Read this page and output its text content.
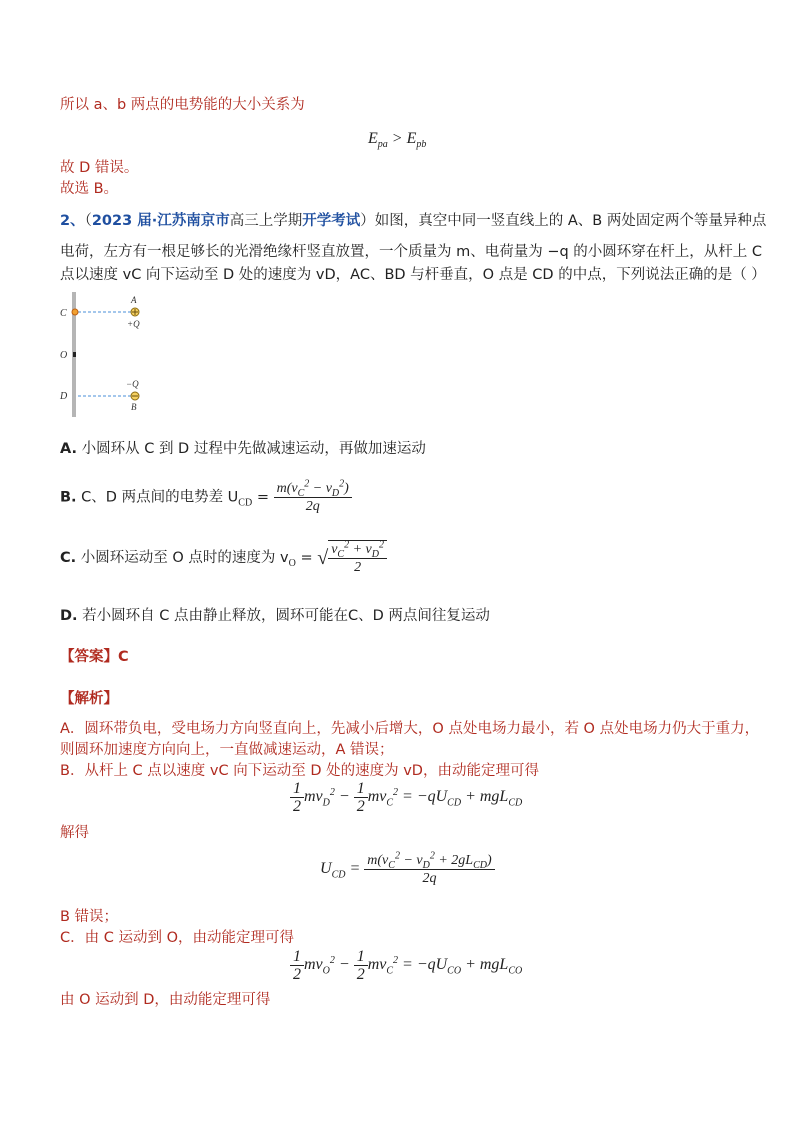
所以 a、b 两点的电势能的大小关系为
$E_{pa} > E_{pb}$
故 D 错误。
故选 B。
2、（2023 届·江苏南京市高三上学期开学考试）如图，真空中同一竖直线上的 A、B 两处固定两个等量异种点
电荷，左方有一根足够长的光滑绝缘杆竖直放置，一个质量为 m、电荷量为 −q 的小圆环穿在杆上，从杆上 C
点以速度 vC 向下运动至 D 处的速度为 vD，AC、BD 与杆垂直，O 点是 CD 的中点，下列说法正确的是（ ）
C
O
D
A
+Q
−Q
B
A. 小圆环从 C 到 D 过程中先做减速运动，再做加速运动
B. C、D 两点间的电势差 $U_{CD} = \frac{m(v_C^2 - v_D^2)}{2q}$
C. 小圆环运动至 O 点时的速度为 $v_O$ = √ $\frac{v_C^2 + v_D^2}{2}$
D. 若小圆环自 C 点由静止释放，圆环可能在C、D 两点间往复运动
【答案】C
【解析】
A．圆环带负电，受电场力方向竖直向上，先减小后增大，O 点处电场力最小，若 O 点处电场力仍大于重力，
则圆环加速度方向向上，一直做减速运动，A 错误；
B．从杆上 C 点以速度 vC 向下运动至 D 处的速度为 vD，由动能定理可得
$\frac{1}{2} mv_D^2 - \frac{1}{2} mv_C^2 = -qU_{CD} + mgL_{CD}$
解得
$U_{CD} = \frac{m(v_C^2 - v_D^2 + 2gL_{CD})}{2q}$
B 错误；
C．由 C 运动到 O，由动能定理可得
$\frac{1}{2} mv_O^2 - \frac{1}{2} mv_C^2 = -qU_{CO} + mgL_{CO}$
由 O 运动到 D，由动能定理可得
